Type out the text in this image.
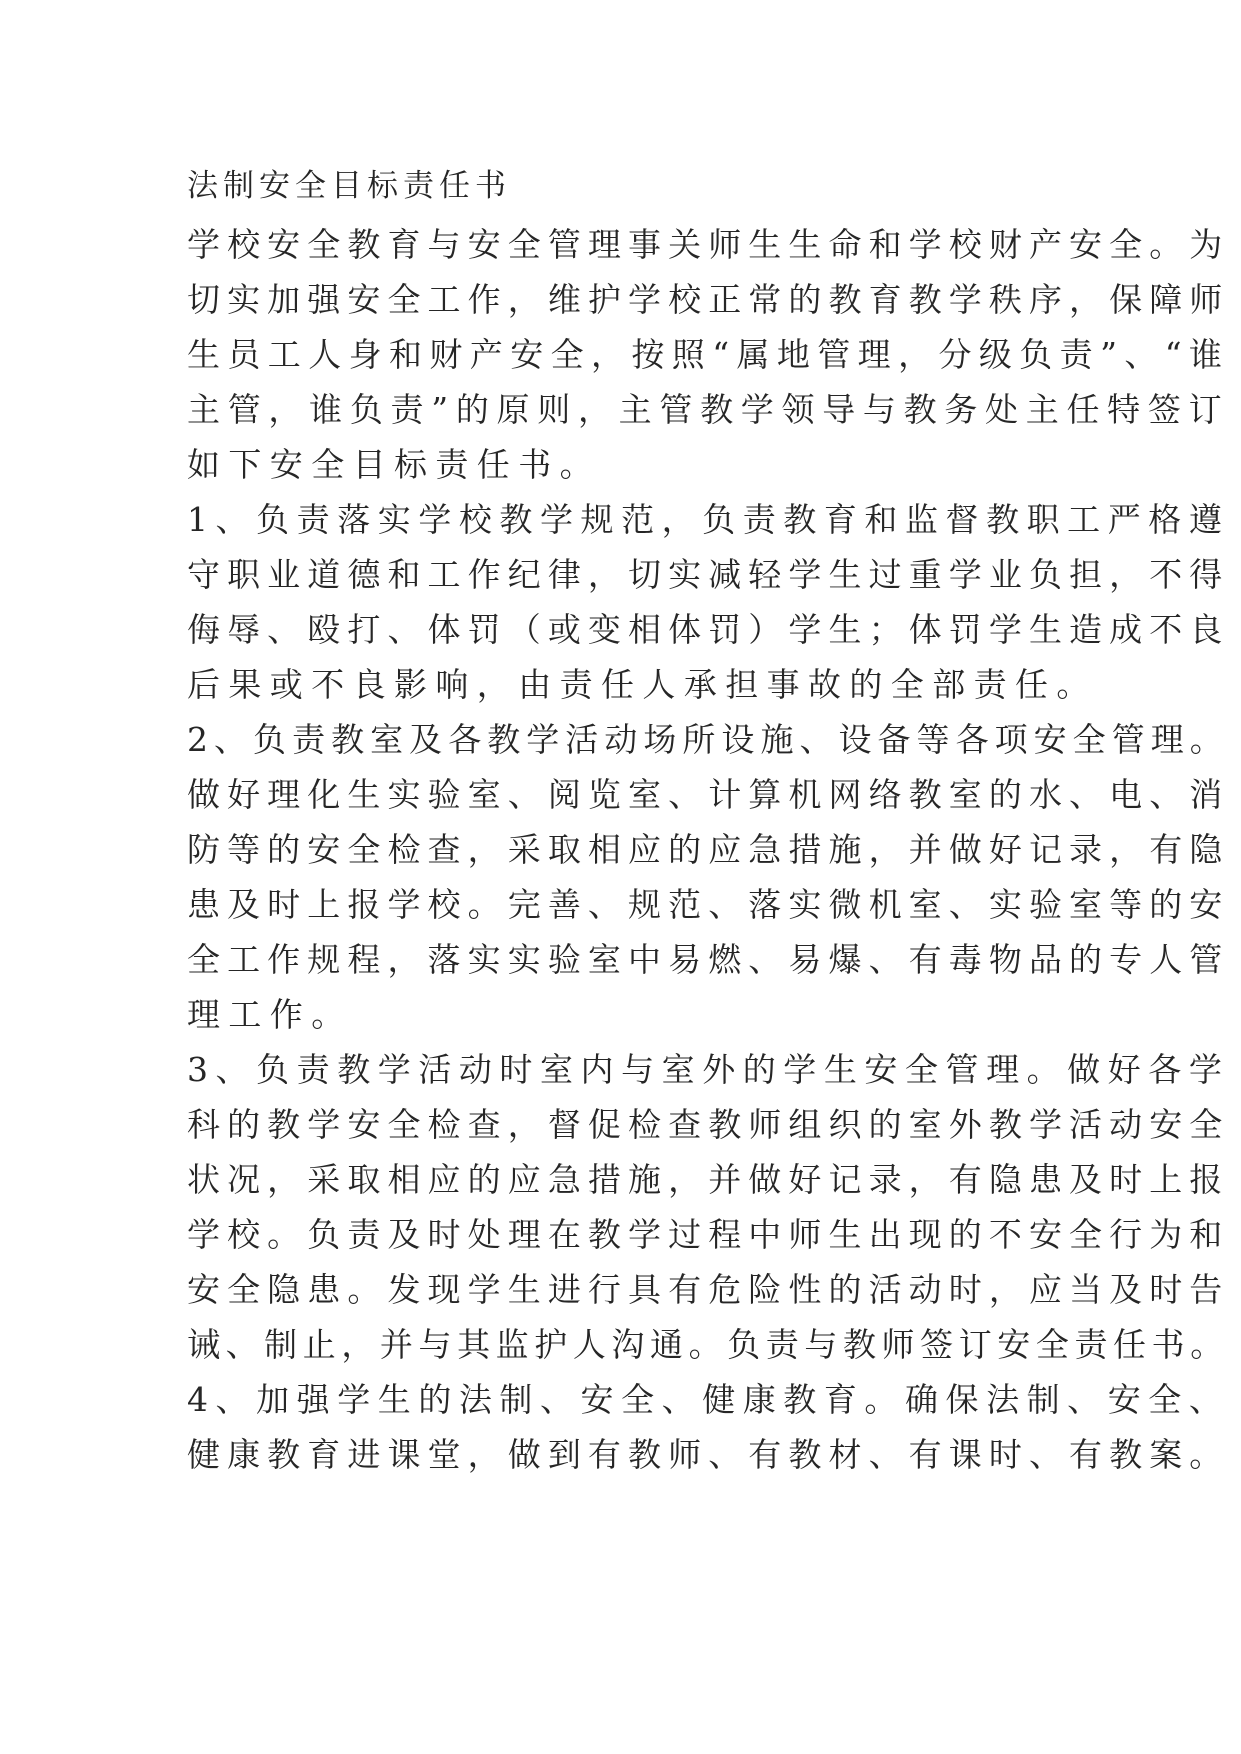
法制安全目标责任书

学校安全教育与安全管理事关师生生命和学校财产安全。为

切实加强安全工作，维护学校正常的教育教学秩序，保障师

生员工人身和财产安全，按照“属地管理，分级负责”、“谁

主管，谁负责”的原则，主管教学领导与教务处主任特签订

如下安全目标责任书。

1、负责落实学校教学规范，负责教育和监督教职工严格遵

守职业道德和工作纪律，切实减轻学生过重学业负担，不得

侮辱、殴打、体罚（或变相体罚）学生；体罚学生造成不良

后果或不良影响，由责任人承担事故的全部责任。

2、负责教室及各教学活动场所设施、设备等各项安全管理。

做好理化生实验室、阅览室、计算机网络教室的水、电、消

防等的安全检查，采取相应的应急措施，并做好记录，有隐

患及时上报学校。完善、规范、落实微机室、实验室等的安

全工作规程，落实实验室中易燃、易爆、有毒物品的专人管

理工作。

3、负责教学活动时室内与室外的学生安全管理。做好各学

科的教学安全检查，督促检查教师组织的室外教学活动安全

状况，采取相应的应急措施，并做好记录，有隐患及时上报

学校。负责及时处理在教学过程中师生出现的不安全行为和

安全隐患。发现学生进行具有危险性的活动时，应当及时告

诫、制止，并与其监护人沟通。负责与教师签订安全责任书。

4、加强学生的法制、安全、健康教育。确保法制、安全、

健康教育进课堂，做到有教师、有教材、有课时、有教案。
